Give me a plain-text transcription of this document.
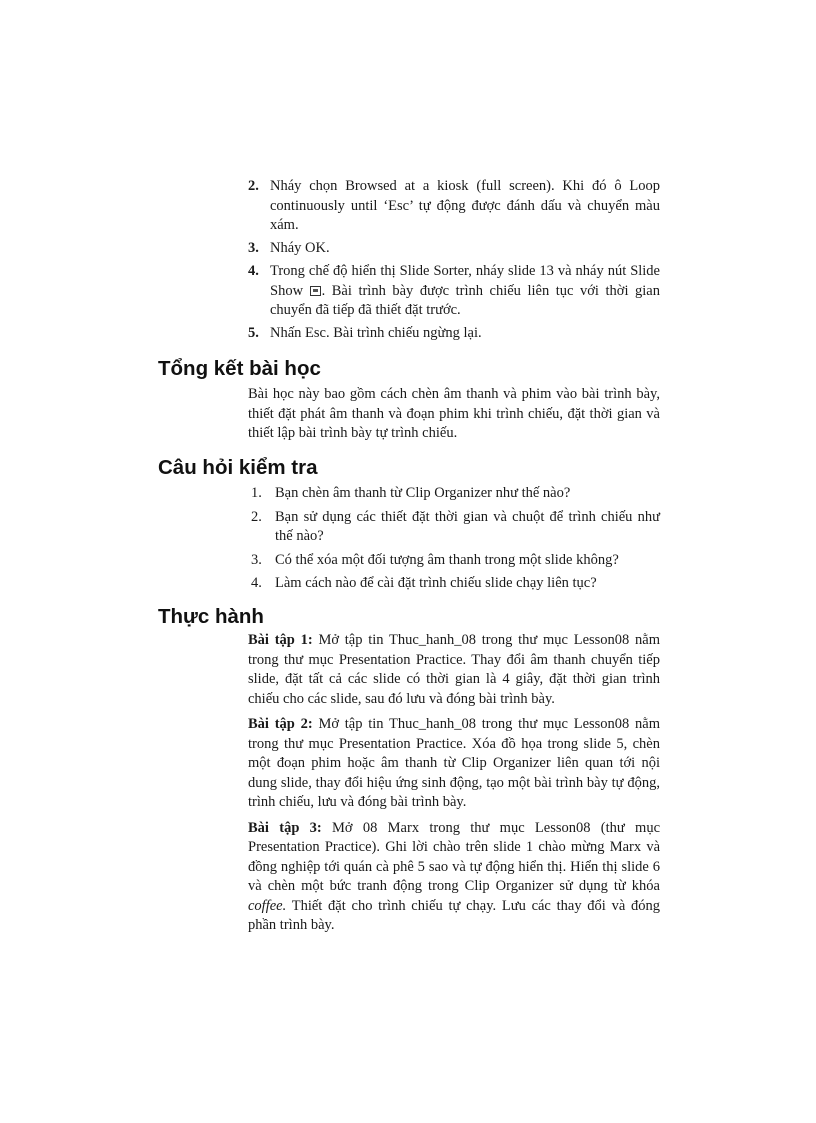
2. Nháy chọn Browsed at a kiosk (full screen). Khi đó ô Loop continuously until ‘Esc’ tự động được đánh dấu và chuyển màu xám.
3. Nháy OK.
4. Trong chế độ hiển thị Slide Sorter, nháy slide 13 và nháy nút Slide Show . Bài trình bày được trình chiếu liên tục với thời gian chuyển đã tiếp đã thiết đặt trước.
5. Nhấn Esc. Bài trình chiếu ngừng lại.
Tổng kết bài học

Bài học này bao gồm cách chèn âm thanh và phim vào bài trình bày, thiết đặt phát âm thanh và đoạn phim khi trình chiếu, đặt thời gian và thiết lập bài trình bày tự trình chiếu.

Câu hỏi kiểm tra
1. Bạn chèn âm thanh từ Clip Organizer như thế nào?
2. Bạn sử dụng các thiết đặt thời gian và chuột để trình chiếu như thế nào?
3. Có thể xóa một đối tượng âm thanh trong một slide không?
4. Làm cách nào để cài đặt trình chiếu slide chạy liên tục?
Thực hành

Bài tập 1: Mở tập tin Thuc_hanh_08 trong thư mục Lesson08 nằm trong thư mục Presentation Practice. Thay đổi âm thanh chuyển tiếp slide, đặt tất cả các slide có thời gian là 4 giây, đặt thời gian trình chiếu cho các slide, sau đó lưu và đóng bài trình bày.

Bài tập 2: Mở tập tin Thuc_hanh_08 trong thư mục Lesson08 nằm trong thư mục Presentation Practice. Xóa đồ họa trong slide 5, chèn một đoạn phim hoặc âm thanh từ Clip Organizer liên quan tới nội dung slide, thay đổi hiệu ứng sinh động, tạo một bài trình bày tự động, trình chiếu, lưu và đóng bài trình bày.

Bài tập 3: Mở 08 Marx trong thư mục Lesson08 (thư mục Presentation Practice). Ghi lời chào trên slide 1 chào mừng Marx và đồng nghiệp tới quán cà phê 5 sao và tự động hiển thị. Hiển thị slide 6 và chèn một bức tranh động trong Clip Organizer sử dụng từ khóa coffee. Thiết đặt cho trình chiếu tự chạy. Lưu các thay đổi và đóng phần trình bày.
